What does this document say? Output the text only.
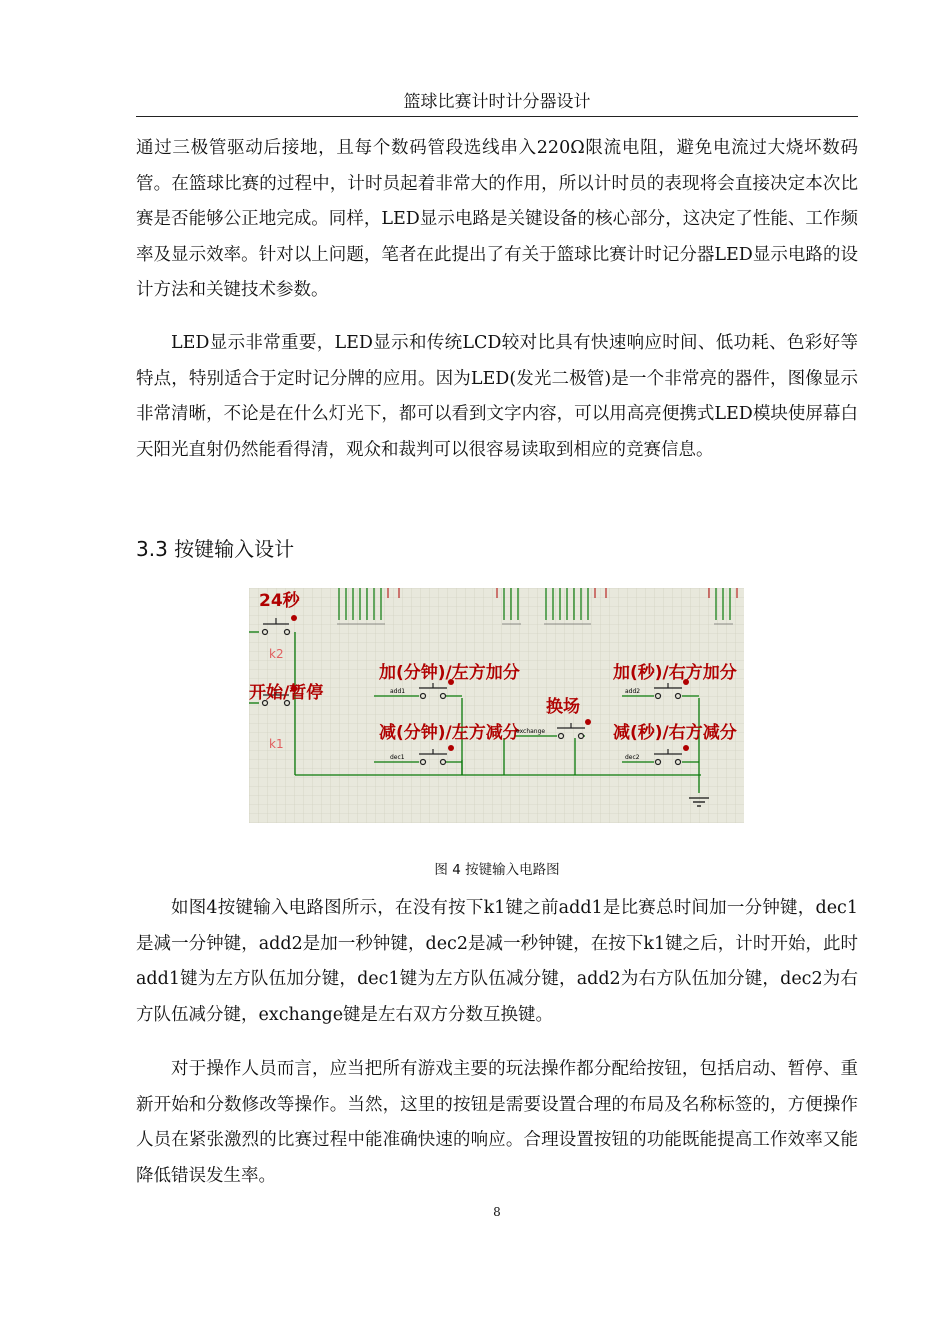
篮球比赛计时计分器设计

通过三极管驱动后接地，且每个数码管段选线串入220Ω限流电阻，避免电流过大烧坏数码管。在篮球比赛的过程中，计时员起着非常大的作用，所以计时员的表现将会直接决定本次比赛是否能够公正地完成。同样，LED显示电路是关键设备的核心部分，这决定了性能、工作频率及显示效率。针对以上问题，笔者在此提出了有关于篮球比赛计时记分器LED显示电路的设计方法和关键技术参数。

LED显示非常重要，LED显示和传统LCD较对比具有快速响应时间、低功耗、色彩好等特点，特别适合于定时记分牌的应用。因为LED(发光二极管)是一个非常亮的器件，图像显示非常清晰，不论是在什么灯光下，都可以看到文字内容，可以用高亮便携式LED模块使屏幕白天阳光直射仍然能看得清，观众和裁判可以很容易读取到相应的竞赛信息。

3.3 按键输入设计
24秒
k2
开始/暂停
k1
加(分钟)/左方加分
减(分钟)/左方减分
换场
加(秒)/右方加分
减(秒)/右方减分
add1
dec1
exchange
add2
dec2
图 4 按键输入电路图

如图4按键输入电路图所示，在没有按下k1键之前add1是比赛总时间加一分钟键，dec1是减一分钟键，add2是加一秒钟键，dec2是减一秒钟键，在按下k1键之后，计时开始，此时add1键为左方队伍加分键，dec1键为左方队伍减分键，add2为右方队伍加分键，dec2为右方队伍减分键，exchange键是左右双方分数互换键。

对于操作人员而言，应当把所有游戏主要的玩法操作都分配给按钮，包括启动、暂停、重新开始和分数修改等操作。当然，这里的按钮是需要设置合理的布局及名称标签的，方便操作人员在紧张激烈的比赛过程中能准确快速的响应。合理设置按钮的功能既能提高工作效率又能降低错误发生率。

8
